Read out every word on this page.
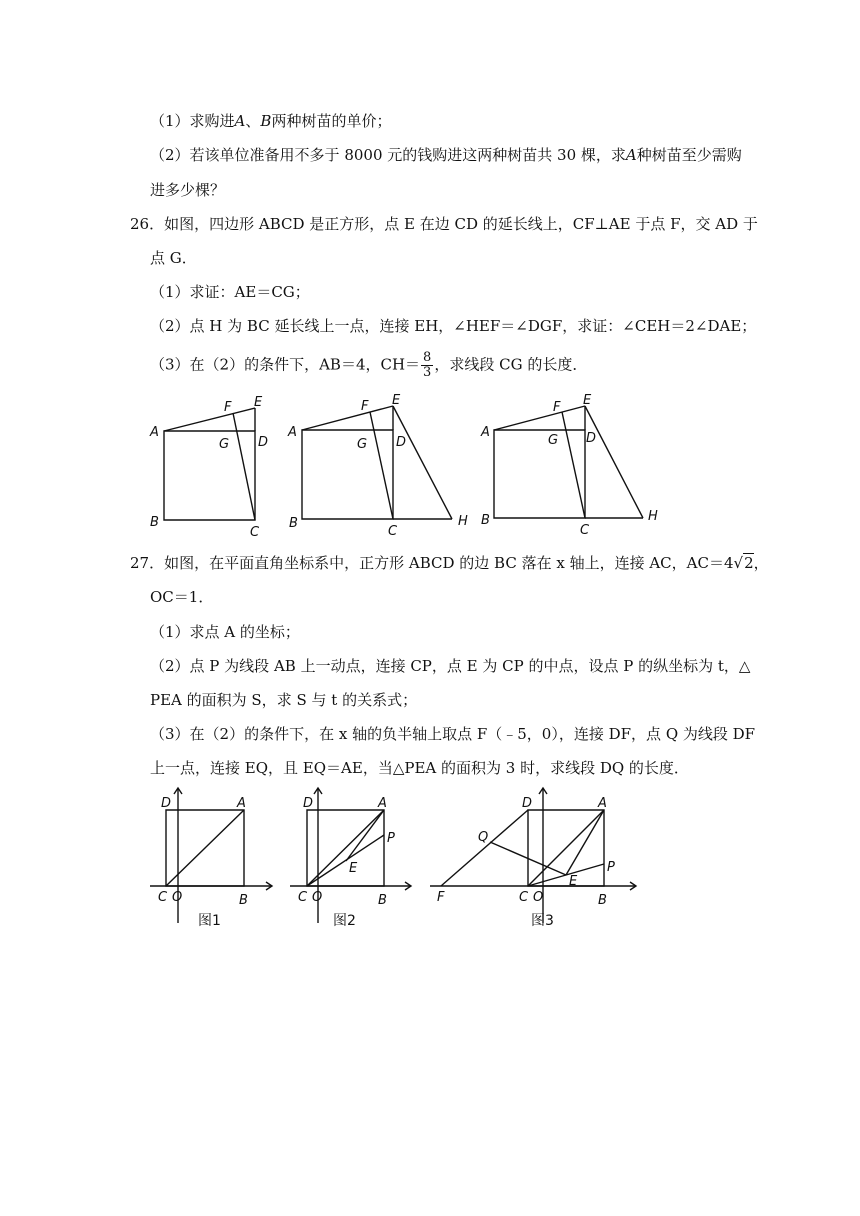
（1）求购进A、B两种树苗的单价；
（2）若该单位准备用不多于 8000 元的钱购进这两种树苗共 30 棵，求A种树苗至少需购
进多少棵？
26．如图，四边形 ABCD 是正方形，点 E 在边 CD 的延长线上，CF⊥AE 于点 F，交 AD 于
点 G．
（1）求证：AE＝CG；
（2）点 H 为 BC 延长线上一点，连接 EH，∠HEF＝∠DGF，求证：∠CEH＝2∠DAE；
（3）在（2）的条件下，AB＝4，$CH= \frac{8}{3}$ ，求线段 CG 的长度．
A
B
C
D
E
F
G
A
B
C
D
E
F
G
H
A
B
C
D
E
F
G
H
27．如图，在平面直角坐标系中，正方形 ABCD 的边 BC 落在 x 轴上，连接 AC，AC＝4√2，
OC＝1．
（1）求点 A 的坐标；
（2）点 P 为线段 AB 上一动点，连接 CP，点 E 为 CP 的中点，设点 P 的纵坐标为 t，△
PEA 的面积为 S，求 S 与 t 的关系式；
（3）在（2）的条件下，在 x 轴的负半轴上取点 F（﹣5，0），连接 DF，点 Q 为线段 DF
上一点，连接 EQ，且 EQ＝AE，当△PEA 的面积为 3 时，求线段 DQ 的长度．
D	A
C O	B
图1
D	A
P
E
C O	B
图2
D	A
Q
P
E
F	C O	B
图3
